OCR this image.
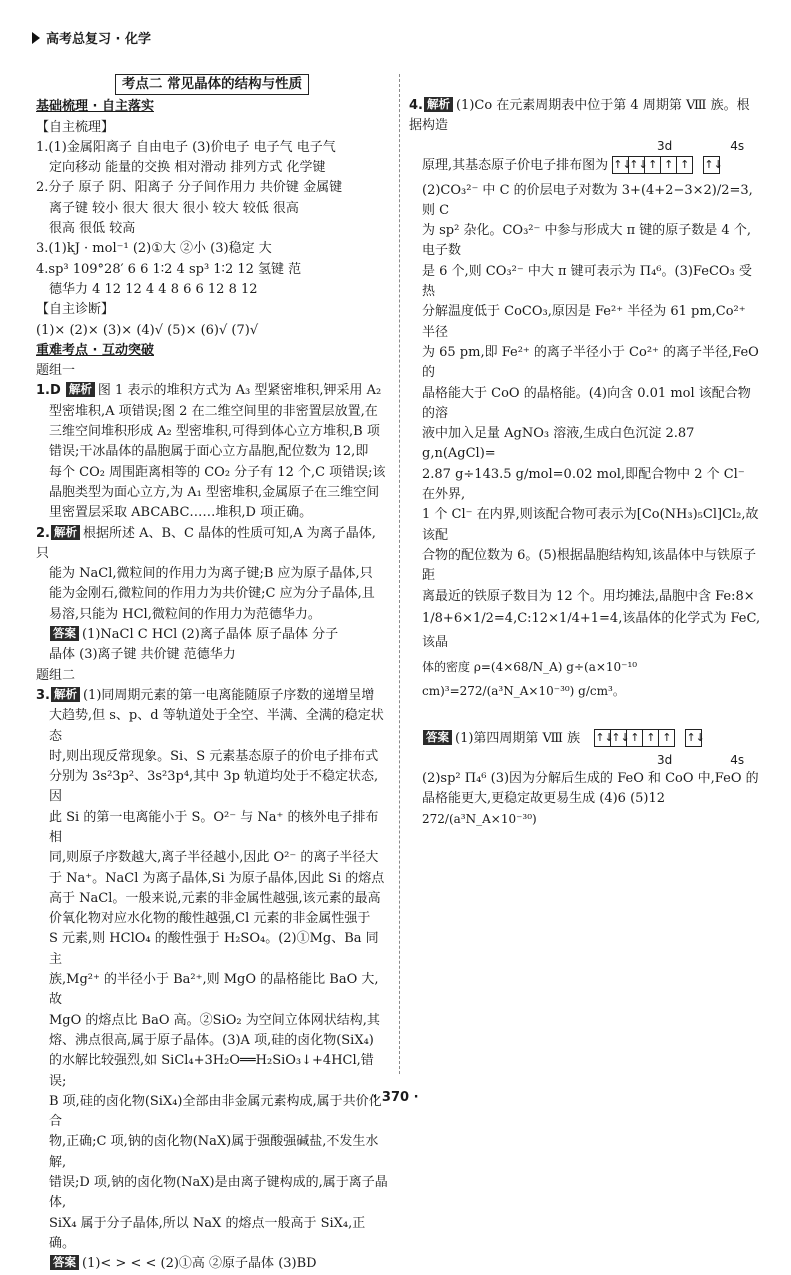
高考总复习 · 化学
考点二 常见晶体的结构与性质

基础梳理 · 自主落实

【自主梳理】

1.(1)金属阳离子 自由电子 (3)价电子 电子气 电子气

定向移动 能量的交换 相对滑动 排列方式 化学键

2.分子 原子 阴、阳离子 分子间作用力 共价键 金属键

离子键 较小 很大 很大 很小 较大 较低 很高

很高 很低 较高

3.(1)kJ · mol⁻¹ (2)①大 ②小 (3)稳定 大

4.sp³ 109°28′ 6 6 1∶2 4 sp³ 1∶2 12 氢键 范

德华力 4 12 12 4 4 8 6 6 12 8 12

【自主诊断】

(1)× (2)× (3)× (4)√ (5)× (6)√ (7)√

重难考点 · 互动突破

题组一

1.D 解析 图 1 表示的堆积方式为 A₃ 型紧密堆积,钾采用 A₂

型密堆积,A 项错误;图 2 在二维空间里的非密置层放置,在

三维空间堆积形成 A₂ 型密堆积,可得到体心立方堆积,B 项

错误;干冰晶体的晶胞属于面心立方晶胞,配位数为 12,即

每个 CO₂ 周围距离相等的 CO₂ 分子有 12 个,C 项错误;该

晶胞类型为面心立方,为 A₁ 型密堆积,金属原子在三维空间

里密置层采取 ABCABC……堆积,D 项正确。

2. 解析 根据所述 A、B、C 晶体的性质可知,A 为离子晶体,只

能为 NaCl,微粒间的作用力为离子键;B 应为原子晶体,只

能为金刚石,微粒间的作用力为共价键;C 应为分子晶体,且

易溶,只能为 HCl,微粒间的作用力为范德华力。

答案 (1)NaCl C HCl (2)离子晶体 原子晶体 分子

晶体 (3)离子键 共价键 范德华力

题组二

3. 解析 (1)同周期元素的第一电离能随原子序数的递增呈增

大趋势,但 s、p、d 等轨道处于全空、半满、全满的稳定状态

时,则出现反常现象。Si、S 元素基态原子的价电子排布式

分别为 3s²3p²、3s²3p⁴,其中 3p 轨道均处于不稳定状态,因

此 Si 的第一电离能小于 S。O²⁻ 与 Na⁺ 的核外电子排布相

同,则原子序数越大,离子半径越小,因此 O²⁻ 的离子半径大

于 Na⁺。NaCl 为离子晶体,Si 为原子晶体,因此 Si 的熔点

高于 NaCl。一般来说,元素的非金属性越强,该元素的最高

价氧化物对应水化物的酸性越强,Cl 元素的非金属性强于

S 元素,则 HClO₄ 的酸性强于 H₂SO₄。(2)①Mg、Ba 同主

族,Mg²⁺ 的半径小于 Ba²⁺,则 MgO 的晶格能比 BaO 大,故

MgO 的熔点比 BaO 高。②SiO₂ 为空间立体网状结构,其

熔、沸点很高,属于原子晶体。(3)A 项,硅的卤化物(SiX₄)

的水解比较强烈,如 SiCl₄+3H₂O══H₂SiO₃↓+4HCl,错误;

B 项,硅的卤化物(SiX₄)全部由非金属元素构成,属于共价化合

物,正确;C 项,钠的卤化物(NaX)属于强酸强碱盐,不发生水解,

错误;D 项,钠的卤化物(NaX)是由离子键构成的,属于离子晶体,

SiX₄ 属于分子晶体,所以 NaX 的熔点一般高于 SiX₄,正确。

答案 (1)< > < < (2)①高 ②原子晶体 (3)BD

4. 解析 (1)Co 在元素周期表中位于第 4 周期第 Ⅷ 族。根据构造

3d	4s

原理,其基态原子价电子排布图为 ↑↓
↑↓ ↑ ↑ ↑
↑↓

(2)CO₃²⁻ 中 C 的价层电子对数为 3+(4+2−3×2)/2=3,则 C

为 sp² 杂化。CO₃²⁻ 中参与形成大 π 键的原子数是 4 个,电子数

是 6 个,则 CO₃²⁻ 中大 π 键可表示为 Π₄⁶。(3)FeCO₃ 受热

分解温度低于 CoCO₃,原因是 Fe²⁺ 半径为 61 pm,Co²⁺ 半径

为 65 pm,即 Fe²⁺ 的离子半径小于 Co²⁺ 的离子半径,FeO 的

晶格能大于 CoO 的晶格能。(4)向含 0.01 mol 该配合物的溶

液中加入足量 AgNO₃ 溶液,生成白色沉淀 2.87 g,n(AgCl)=

2.87 g÷143.5 g/mol=0.02 mol,即配合物中 2 个 Cl⁻ 在外界,

1 个 Cl⁻ 在内界,则该配合物可表示为[Co(NH₃)₅Cl]Cl₂,故该配

合物的配位数为 6。(5)根据晶胞结构知,该晶体中与铁原子距

离最近的铁原子数目为 12 个。用均摊法,晶胞中含 Fe:8×

1/8+6×1/2=4,C:12×1/4+1=4,该晶体的化学式为 FeC,该晶

体的密度 ρ=(4×68/N_A) g÷(a×10⁻¹⁰ cm)³=272/(a³N_A×10⁻³⁰) g/cm³。

答案 (1)第四周期第 Ⅷ 族 ↑↓
↑↓ ↑ ↑ ↑
↑↓

3d	4s

(2)sp² Π₄⁶ (3)因为分解后生成的 FeO 和 CoO 中,FeO 的

晶格能更大,更稳定故更易生成 (4)6 (5)12

272/(a³N_A×10⁻³⁰)

· 370 ·
